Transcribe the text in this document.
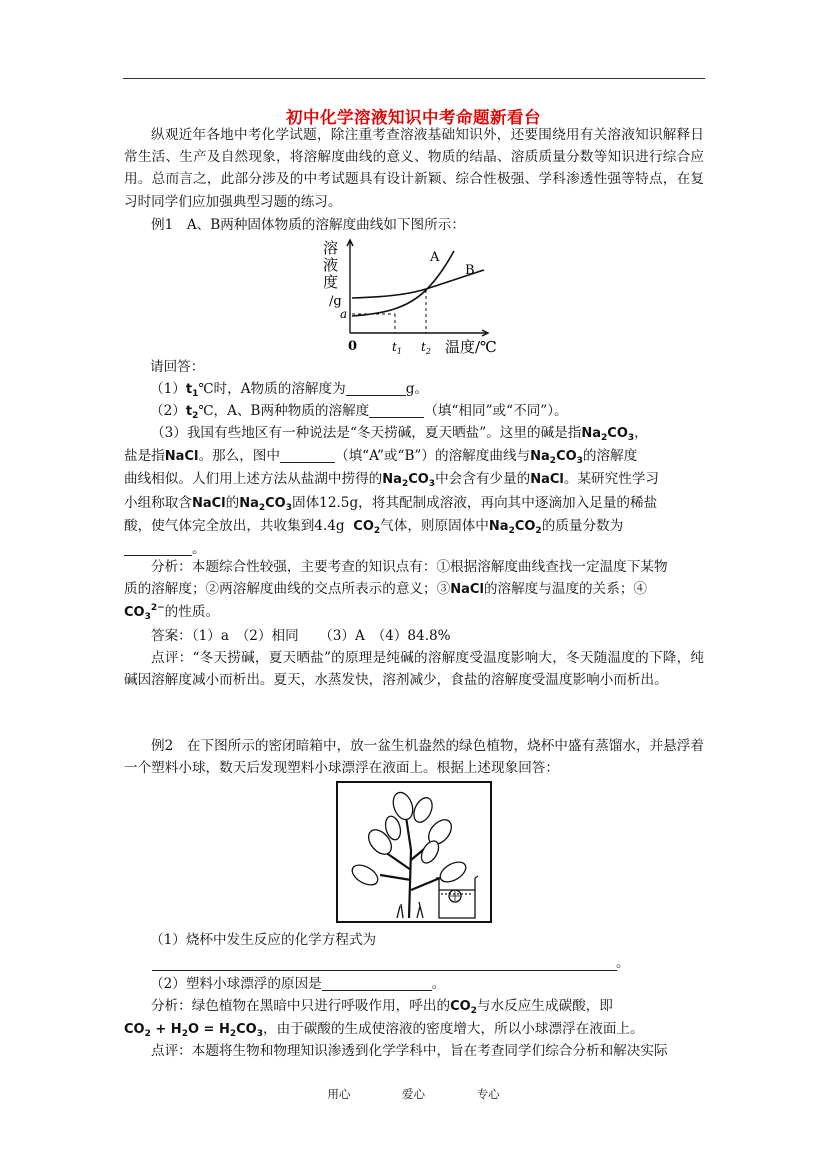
初中化学溶液知识中考命题新看台

纵观近年各地中考化学试题，除注重考查溶液基础知识外，还要围绕用有关溶液知识解释日常生活、生产及自然现象，将溶解度曲线的意义、物质的结晶、溶质质量分数等知识进行综合应用。总而言之，此部分涉及的中考试题具有设计新颖、综合性极强、学科渗透性强等特点，在复习时同学们应加强典型习题的练习。

例1　A、B两种固体物质的溶解度曲线如下图所示：

溶
液
度
/g
a
0	$t_1$ $t_2$ 温度/℃
A
B

请回答：

$(1)t_1℃$时，A物质的溶解度为	g。

$(2)t_2℃$，A、B两种物质的溶解度	（填“相同”或“不同”）。

（3）我国有些地区有一种说法是“冬天捞碱，夏天晒盐”。这里的碱是指$Na_2CO_3$，
盐是指NaCl。那么，图中	（填“A”或“B”）的溶解度曲线与$Na_2CO_3$的溶解度
曲线相似。人们用上述方法从盐湖中捞得的$Na_2CO_3$中会含有少量的NaCl。某研究性学习
小组称取含NaCl的$Na_2CO_3$固体12.5g，将其配制成溶液，再向其中逐滴加入足量的稀盐
酸，使气体完全放出，共收集到4.4g $CO_2$气体，则原固体中$Na_2CO_2$的质量分数为
。
分析：本题综合性较强，主要考查的知识点有：①根据溶解度曲线查找一定温度下某物
质的溶解度；②两溶解度曲线的交点所表示的意义；③NaCl的溶解度与温度的关系；④
$CO_3^{2-}$的性质。

答案：（1）a　（2）相同　　（3）A　（4）84.8%

点评：“冬天捞碱，夏天晒盐”的原理是纯碱的溶解度受温度影响大，冬天随温度的下降，纯碱因溶解度减小而析出。夏天，水蒸发快，溶剂减少，食盐的溶解度受温度影响小而析出。

例2　在下图所示的密闭暗箱中，放一盆生机盎然的绿色植物，烧杯中盛有蒸馏水，并悬浮着一个塑料小球，数天后发现塑料小球漂浮在液面上。根据上述现象回答：

（1）烧杯中发生反应的化学方程式为

。

（2）塑料小球漂浮的原因是	。

分析：绿色植物在黑暗中只进行呼吸作用，呼出的$CO_2$与水反应生成碳酸，即
$CO_2 + H_2O = H_2CO_3$，由于碳酸的生成使溶液的密度增大，所以小球漂浮在液面上。

点评：本题将生物和物理知识渗透到化学学科中，旨在考查同学们综合分析和解决实际

用心	爱心	专心
